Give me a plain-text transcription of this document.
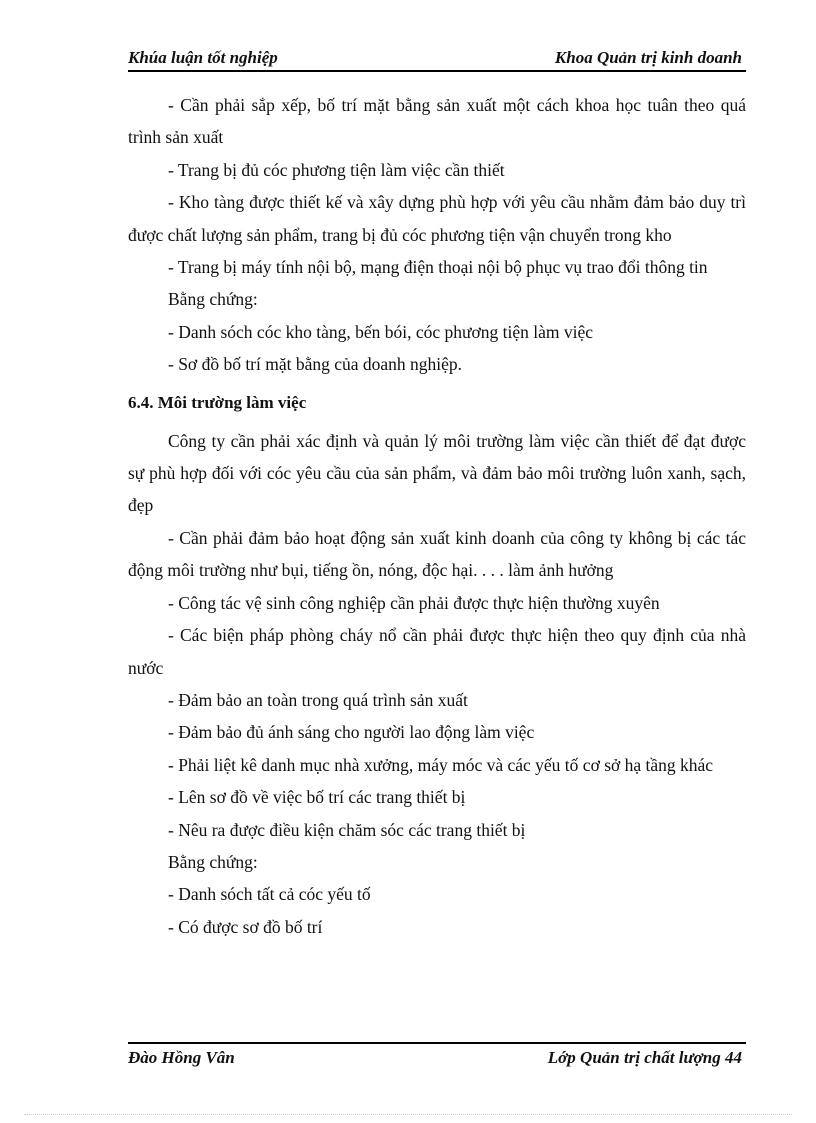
Khúa luận tốt nghiệp	Khoa Quản trị kinh doanh

- Cần phải sắp xếp, bố trí mặt bằng sản xuất một cách khoa học tuân theo quá trình sản xuất

- Trang bị đủ cóc phương tiện làm việc cần thiết

- Kho tàng được thiết kế và xây dựng phù hợp với yêu cầu nhằm đảm bảo duy trì được chất lượng sản phẩm, trang bị đủ cóc phương tiện vận chuyển trong kho

- Trang bị máy tính nội bộ, mạng điện thoại nội bộ phục vụ trao đổi thông tin

Bằng chứng:

- Danh sóch cóc kho tàng, bến bói, cóc phương tiện làm việc

- Sơ đồ bố trí mặt bằng của doanh nghiệp.

6.4. Môi trường làm việc

Công ty cần phải xác định và quản lý môi trường làm việc cần thiết để đạt được sự phù hợp đối với cóc yêu cầu của sản phẩm, và đảm bảo môi trường luôn xanh, sạch, đẹp

- Cần phải đảm bảo hoạt động sản xuất kinh doanh của công ty không bị các tác động môi trường như bụi, tiếng ồn, nóng, độc hại. . . . làm ảnh hưởng

- Công tác vệ sinh công nghiệp cần phải được thực hiện thường xuyên

- Các biện pháp phòng cháy nổ cần phải được thực hiện theo quy định của nhà nước

- Đảm bảo an toàn trong quá trình sản xuất

- Đảm bảo đủ ánh sáng cho người lao động làm việc

- Phải liệt kê danh mục nhà xưởng, máy móc và các yếu tố cơ sở hạ tầng khác

- Lên sơ đồ về việc bố trí các trang thiết bị

- Nêu ra được điều kiện chăm sóc các trang thiết bị

Bằng chứng:

- Danh sóch tất cả cóc yếu tố

- Có được sơ đồ bố trí

Đào Hồng Vân	Lớp Quản trị chất lượng 44
